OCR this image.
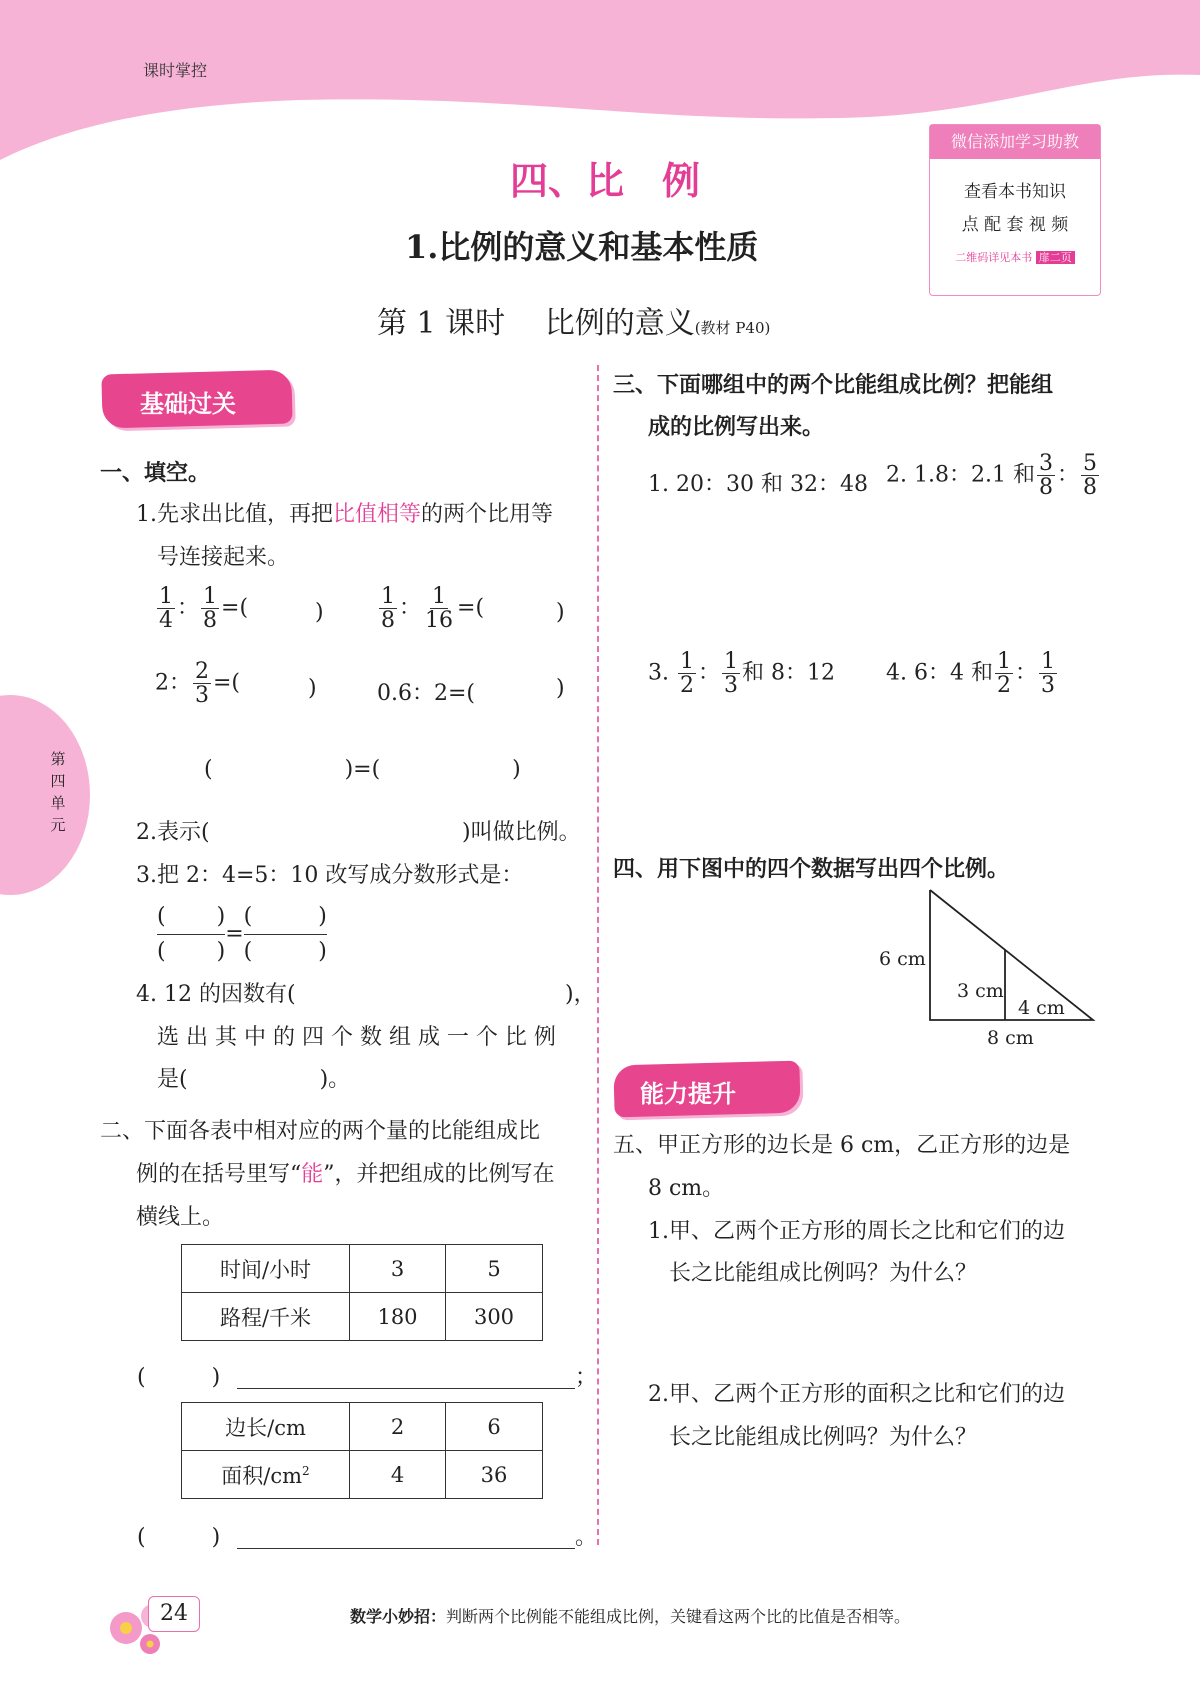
课时掌控
微信添加学习助教
查看本书知识
点 配 套 视 频
二维码详见本书 扉二页
第
四
单
元
四、比　例
1.比例的意义和基本性质
第 1 课时　 比例的意义(教材 P40)
基础过关
一、填空。
1.先求出比值，再把比值相等的两个比用等
号连接起来。
$\frac{1}{4}$ ： $\frac{1}{8}$ =(	)	$\frac{1}{8}$ ： $\frac{1}{16}$ =(	)
2： $\frac{2}{3}$ =(	)	0.6：2=(	)
(　　　　　　)=(　　　　　　)
2.表示(	)叫做比例。
3.把 2：4=5：10 改写成分数形式是：
(　　 )
(　　 )
=
(　　　	)
(　　　	)
4. 12 的因数有(	)，
选 出 其 中 的 四 个 数 组 成 一 个 比 例
是(　　　　　　)。
二、下面各表中相对应的两个量的比能组成比
例的在括号里写“能”，并把组成的比例写在
横线上。
时间/小时	3	5
路程/千米	180	300
(　　　)	；
边长/cm	2	6
面积$/cm^2$	4	36
(　　　)	。
三、下面哪组中的两个比能组成比例？把能组
成的比例写出来。
1. 20：30 和 32：48 2. 1.8：2.1 和 $\frac{3}{8}$ ： $\frac{5}{8}$
3. $\frac{1}{2}$ ： $\frac{1}{3}$ 和 8：12 4. 6：4 和 $\frac{1}{2}$ ： $\frac{1}{3}$
四、用下图中的四个数据写出四个比例。
6 cm
3 cm
4 cm
8 cm
能力提升
五、甲正方形的边长是 6 cm，乙正方形的边是
8 cm。
1.甲、乙两个正方形的周长之比和它们的边
长之比能组成比例吗？为什么？
2.甲、乙两个正方形的面积之比和它们的边
长之比能组成比例吗？为什么？
24	数学小妙招：判断两个比例能不能组成比例，关键看这两个比的比值是否相等。
